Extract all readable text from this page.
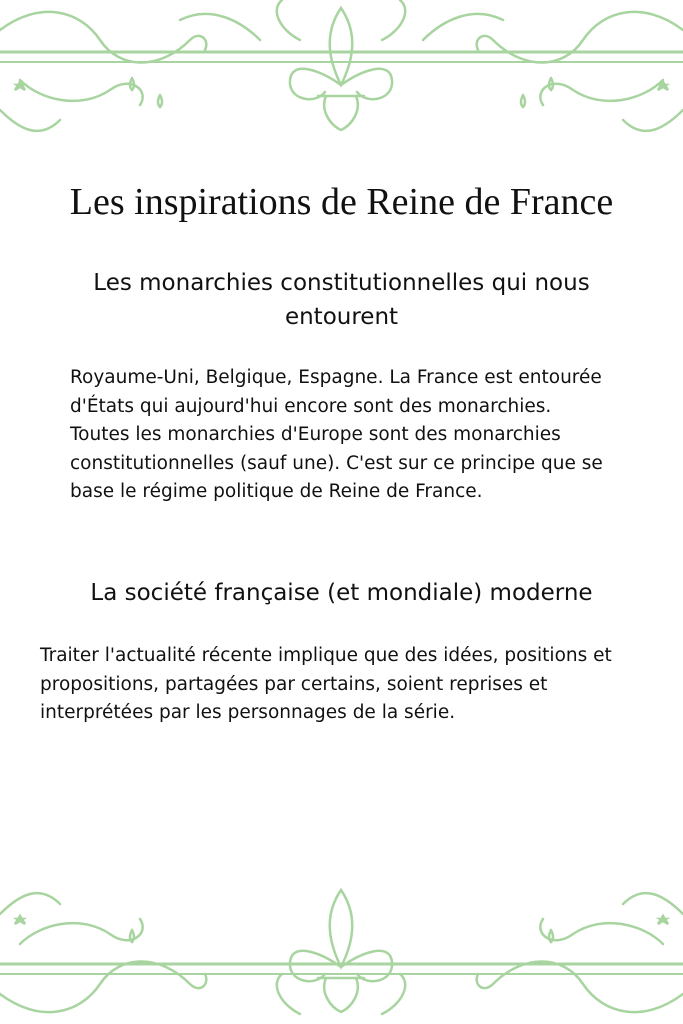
Les inspirations de Reine de France
Les monarchies constitutionnelles qui nous entourent

Royaume-Uni, Belgique, Espagne. La France est entourée d'États qui aujourd'hui encore sont des monarchies.
Toutes les monarchies d'Europe sont des monarchies constitutionnelles (sauf une). C'est sur ce principe que se base le régime politique de Reine de France.

La société française (et mondiale) moderne

Traiter l'actualité récente implique que des idées, positions et propositions, partagées par certains, soient reprises et interprétées par les personnages de la série.
